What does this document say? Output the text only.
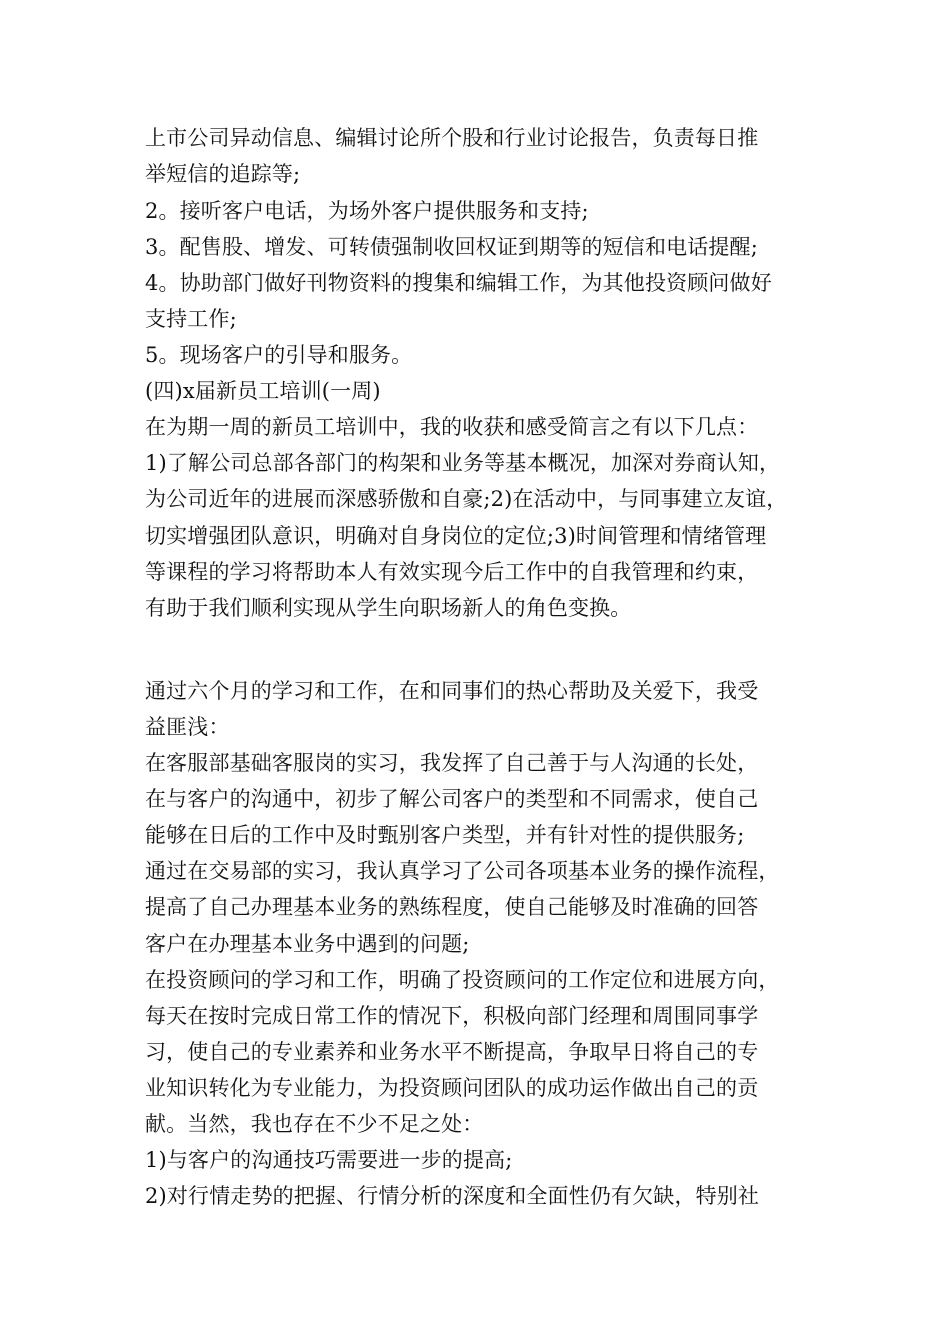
上市公司异动信息、编辑讨论所个股和行业讨论报告，负责每日推
举短信的追踪等;
2。接听客户电话，为场外客户提供服务和支持;
3。配售股、增发、可转债强制收回权证到期等的短信和电话提醒;
4。协助部门做好刊物资料的搜集和编辑工作，为其他投资顾问做好
支持工作;
5。现场客户的引导和服务。
(四)x届新员工培训(一周)
在为期一周的新员工培训中，我的收获和感受简言之有以下几点：
1)了解公司总部各部门的构架和业务等基本概况，加深对券商认知，
为公司近年的进展而深感骄傲和自豪;2)在活动中，与同事建立友谊，
切实增强团队意识，明确对自身岗位的定位;3)时间管理和情绪管理
等课程的学习将帮助本人有效实现今后工作中的自我管理和约束，
有助于我们顺利实现从学生向职场新人的角色变换。
通过六个月的学习和工作，在和同事们的热心帮助及关爱下，我受
益匪浅：
在客服部基础客服岗的实习，我发挥了自己善于与人沟通的长处，
在与客户的沟通中，初步了解公司客户的类型和不同需求，使自己
能够在日后的工作中及时甄别客户类型，并有针对性的提供服务;
通过在交易部的实习，我认真学习了公司各项基本业务的操作流程，
提高了自己办理基本业务的熟练程度，使自己能够及时准确的回答
客户在办理基本业务中遇到的问题;
在投资顾问的学习和工作，明确了投资顾问的工作定位和进展方向，
每天在按时完成日常工作的情况下，积极向部门经理和周围同事学
习，使自己的专业素养和业务水平不断提高，争取早日将自己的专
业知识转化为专业能力，为投资顾问团队的成功运作做出自己的贡
献。当然，我也存在不少不足之处：
1)与客户的沟通技巧需要进一步的提高;
2)对行情走势的把握、行情分析的深度和全面性仍有欠缺，特别社
